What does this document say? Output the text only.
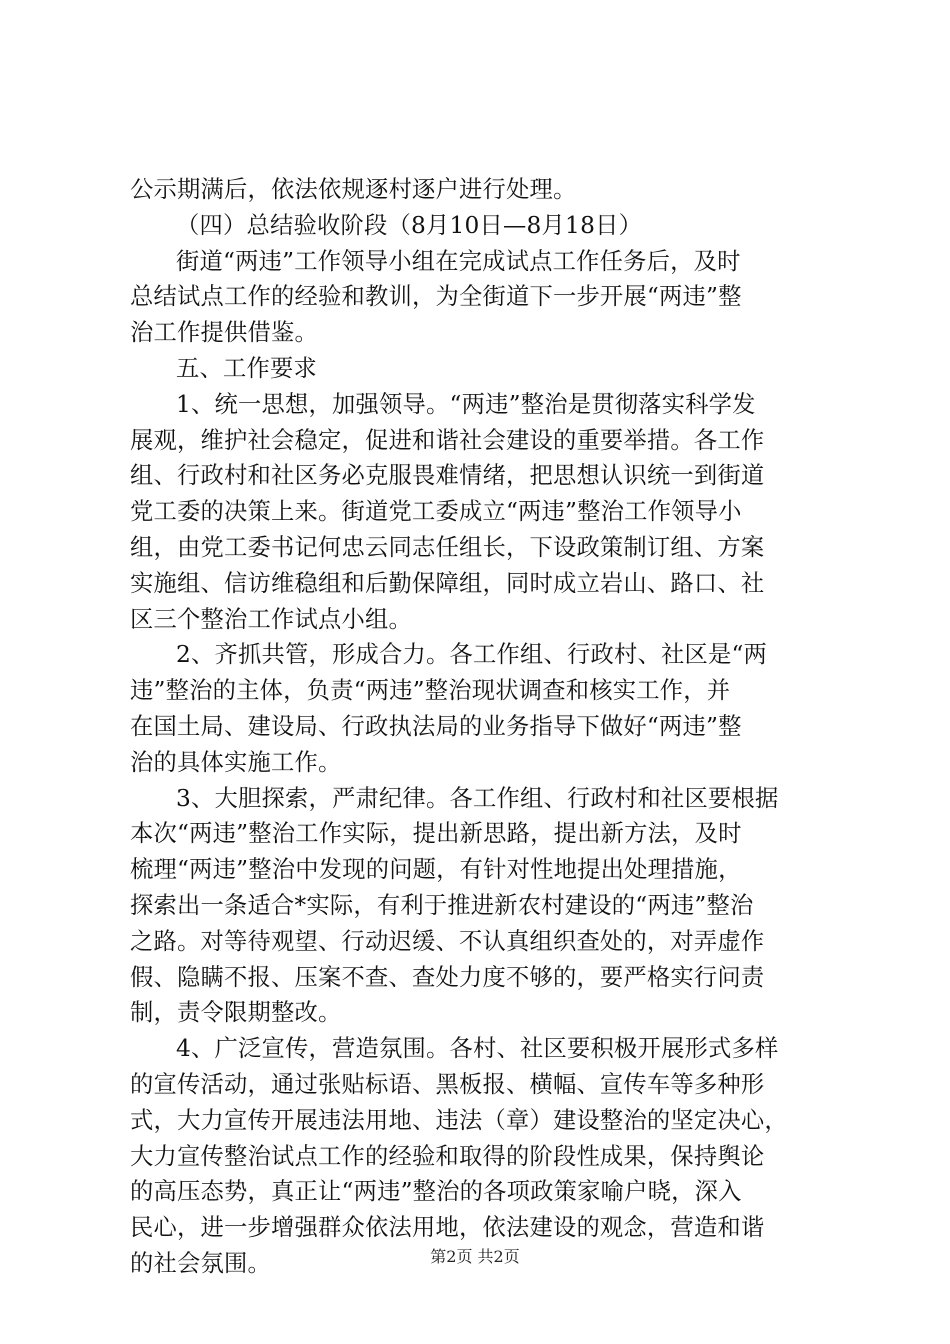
公示期满后，依法依规逐村逐户进行处理。
（四）总结验收阶段（8月10日—8月18日）
街道“两违”工作领导小组在完成试点工作任务后，及时
总结试点工作的经验和教训，为全街道下一步开展“两违”整
治工作提供借鉴。
五、工作要求
1、统一思想，加强领导。“两违”整治是贯彻落实科学发
展观，维护社会稳定，促进和谐社会建设的重要举措。各工作
组、行政村和社区务必克服畏难情绪，把思想认识统一到街道
党工委的决策上来。街道党工委成立“两违”整治工作领导小
组，由党工委书记何忠云同志任组长，下设政策制订组、方案
实施组、信访维稳组和后勤保障组，同时成立岩山、路口、社
区三个整治工作试点小组。
2、齐抓共管，形成合力。各工作组、行政村、社区是“两
违”整治的主体，负责“两违”整治现状调查和核实工作，并
在国土局、建设局、行政执法局的业务指导下做好“两违”整
治的具体实施工作。
3、大胆探索，严肃纪律。各工作组、行政村和社区要根据
本次“两违”整治工作实际，提出新思路，提出新方法，及时
梳理“两违”整治中发现的问题，有针对性地提出处理措施，
探索出一条适合*实际，有利于推进新农村建设的“两违”整治
之路。对等待观望、行动迟缓、不认真组织查处的，对弄虚作
假、隐瞒不报、压案不查、查处力度不够的，要严格实行问责
制，责令限期整改。
4、广泛宣传，营造氛围。各村、社区要积极开展形式多样
的宣传活动，通过张贴标语、黑板报、横幅、宣传车等多种形
式，大力宣传开展违法用地、违法（章）建设整治的坚定决心，
大力宣传整治试点工作的经验和取得的阶段性成果，保持舆论
的高压态势，真正让“两违”整治的各项政策家喻户晓，深入
民心，进一步增强群众依法用地，依法建设的观念，营造和谐
的社会氛围。	第2页 共2页
